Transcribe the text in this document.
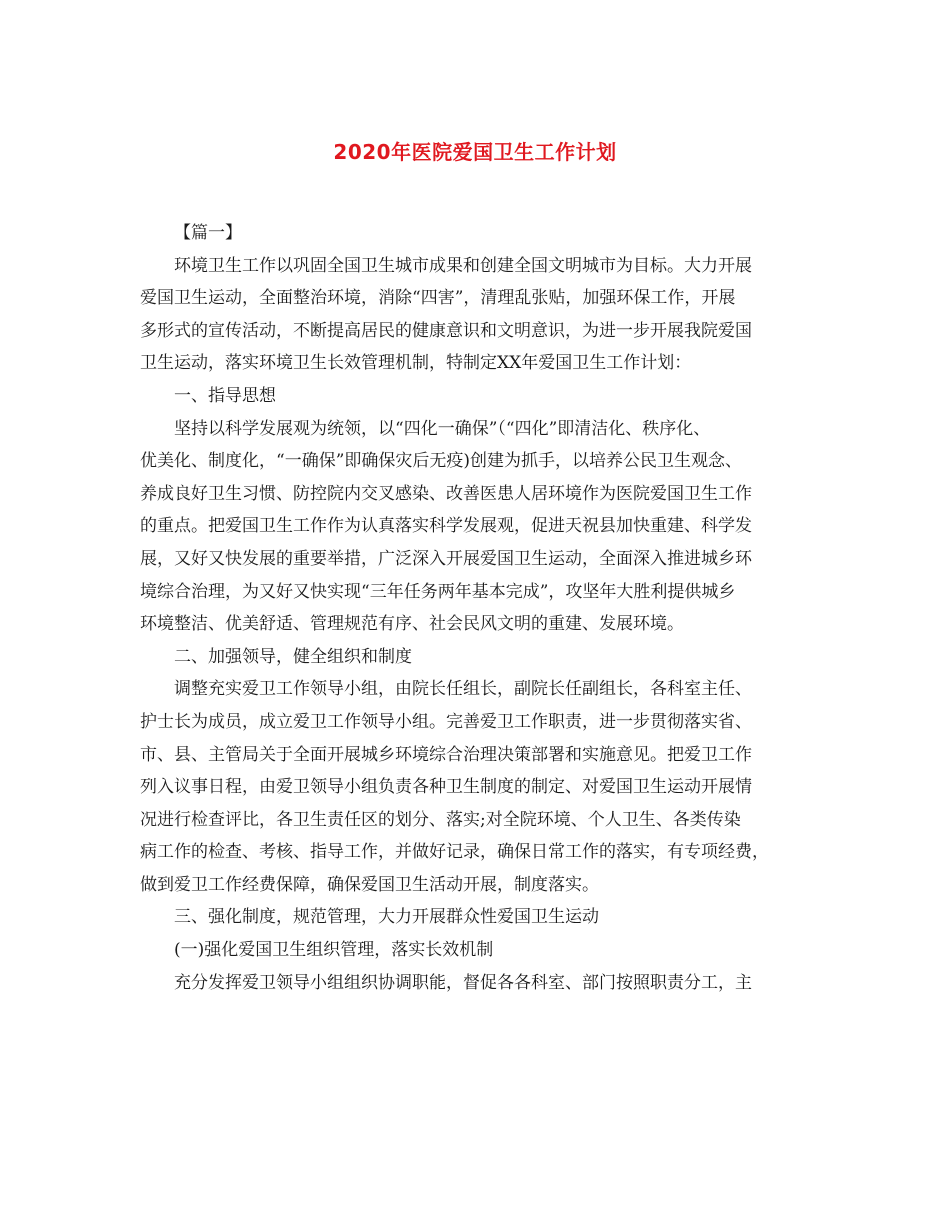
2020年医院爱国卫生工作计划
【篇一】
环境卫生工作以巩固全国卫生城市成果和创建全国文明城市为目标。大力开展
爱国卫生运动，全面整治环境，消除“四害”，清理乱张贴，加强环保工作，开展
多形式的宣传活动，不断提高居民的健康意识和文明意识，为进一步开展我院爱国
卫生运动，落实环境卫生长效管理机制，特制定XX年爱国卫生工作计划：
一、指导思想
坚持以科学发展观为统领，以“四化一确保”（“四化”即清洁化、秩序化、
优美化、制度化，“一确保”即确保灾后无疫)创建为抓手，以培养公民卫生观念、
养成良好卫生习惯、防控院内交叉感染、改善医患人居环境作为医院爱国卫生工作
的重点。把爱国卫生工作作为认真落实科学发展观，促进天祝县加快重建、科学发
展，又好又快发展的重要举措，广泛深入开展爱国卫生运动，全面深入推进城乡环
境综合治理，为又好又快实现“三年任务两年基本完成”，攻坚年大胜利提供城乡
环境整洁、优美舒适、管理规范有序、社会民风文明的重建、发展环境。
二、加强领导，健全组织和制度
调整充实爱卫工作领导小组，由院长任组长，副院长任副组长，各科室主任、
护士长为成员，成立爱卫工作领导小组。完善爱卫工作职责，进一步贯彻落实省、
市、县、主管局关于全面开展城乡环境综合治理决策部署和实施意见。把爱卫工作
列入议事日程，由爱卫领导小组负责各种卫生制度的制定、对爱国卫生运动开展情
况进行检查评比，各卫生责任区的划分、落实;对全院环境、个人卫生、各类传染
病工作的检查、考核、指导工作，并做好记录，确保日常工作的落实，有专项经费，
做到爱卫工作经费保障，确保爱国卫生活动开展，制度落实。
三、强化制度，规范管理，大力开展群众性爱国卫生运动
(一)强化爱国卫生组织管理，落实长效机制
充分发挥爱卫领导小组组织协调职能，督促各各科室、部门按照职责分工，主
